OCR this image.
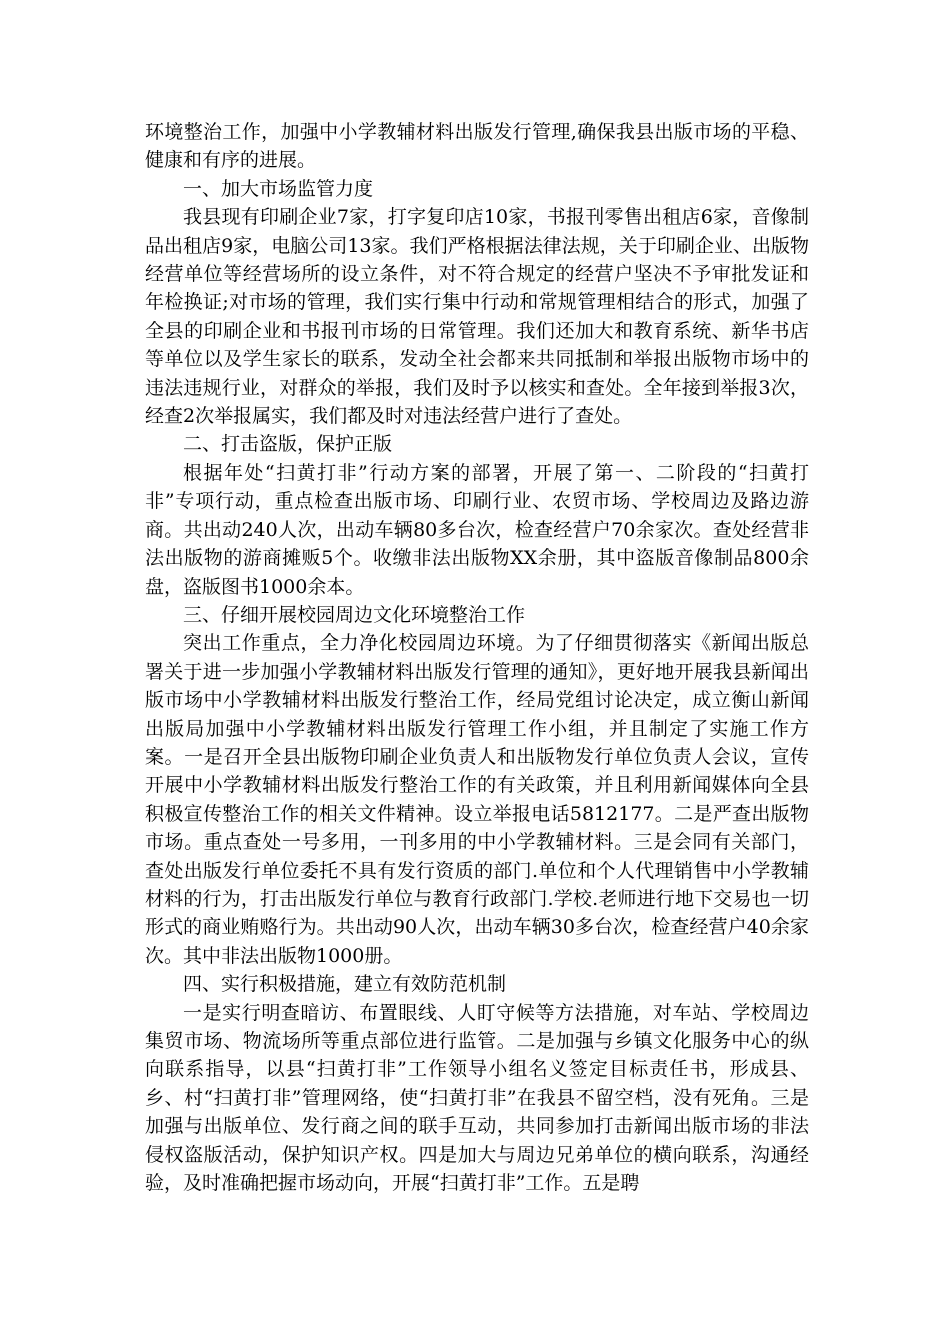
环境整治工作，加强中小学教辅材料出版发行管理,确保我县出版市场的平稳、健康和有序的进展。

一、加大市场监管力度

我县现有印刷企业7家，打字复印店10家，书报刊零售出租店6家，音像制品出租店9家，电脑公司13家。我们严格根据法律法规，关于印刷企业、出版物经营单位等经营场所的设立条件，对不符合规定的经营户坚决不予审批发证和年检换证;对市场的管理，我们实行集中行动和常规管理相结合的形式，加强了全县的印刷企业和书报刊市场的日常管理。我们还加大和教育系统、新华书店等单位以及学生家长的联系，发动全社会都来共同抵制和举报出版物市场中的违法违规行业，对群众的举报，我们及时予以核实和查处。全年接到举报3次，经查2次举报属实，我们都及时对违法经营户进行了查处。

二、打击盗版，保护正版

根据年处“扫黄打非”行动方案的部署，开展了第一、二阶段的“扫黄打非”专项行动，重点检查出版市场、印刷行业、农贸市场、学校周边及路边游商。共出动240人次，出动车辆80多台次，检查经营户70余家次。查处经营非法出版物的游商摊贩5个。收缴非法出版物XX余册，其中盗版音像制品800余盘，盗版图书1000余本。

三、仔细开展校园周边文化环境整治工作

突出工作重点，全力净化校园周边环境。为了仔细贯彻落实《新闻出版总署关于进一步加强小学教辅材料出版发行管理的通知》，更好地开展我县新闻出版市场中小学教辅材料出版发行整治工作，经局党组讨论决定，成立衡山新闻出版局加强中小学教辅材料出版发行管理工作小组，并且制定了实施工作方案。一是召开全县出版物印刷企业负责人和出版物发行单位负责人会议，宣传开展中小学教辅材料出版发行整治工作的有关政策，并且利用新闻媒体向全县积极宣传整治工作的相关文件精神。设立举报电话5812177。二是严查出版物市场。重点查处一号多用，一刊多用的中小学教辅材料。三是会同有关部门，查处出版发行单位委托不具有发行资质的部门.单位和个人代理销售中小学教辅材料的行为，打击出版发行单位与教育行政部门.学校.老师进行地下交易也一切形式的商业贿赂行为。共出动90人次，出动车辆30多台次，检查经营户40余家次。其中非法出版物1000册。

四、实行积极措施，建立有效防范机制

一是实行明查暗访、布置眼线、人盯守候等方法措施，对车站、学校周边集贸市场、物流场所等重点部位进行监管。二是加强与乡镇文化服务中心的纵向联系指导，以县“扫黄打非”工作领导小组名义签定目标责任书，形成县、乡、村“扫黄打非”管理网络，使“扫黄打非”在我县不留空档，没有死角。三是加强与出版单位、发行商之间的联手互动，共同参加打击新闻出版市场的非法侵权盗版活动，保护知识产权。四是加大与周边兄弟单位的横向联系，沟通经验，及时准确把握市场动向，开展“扫黄打非”工作。五是聘
